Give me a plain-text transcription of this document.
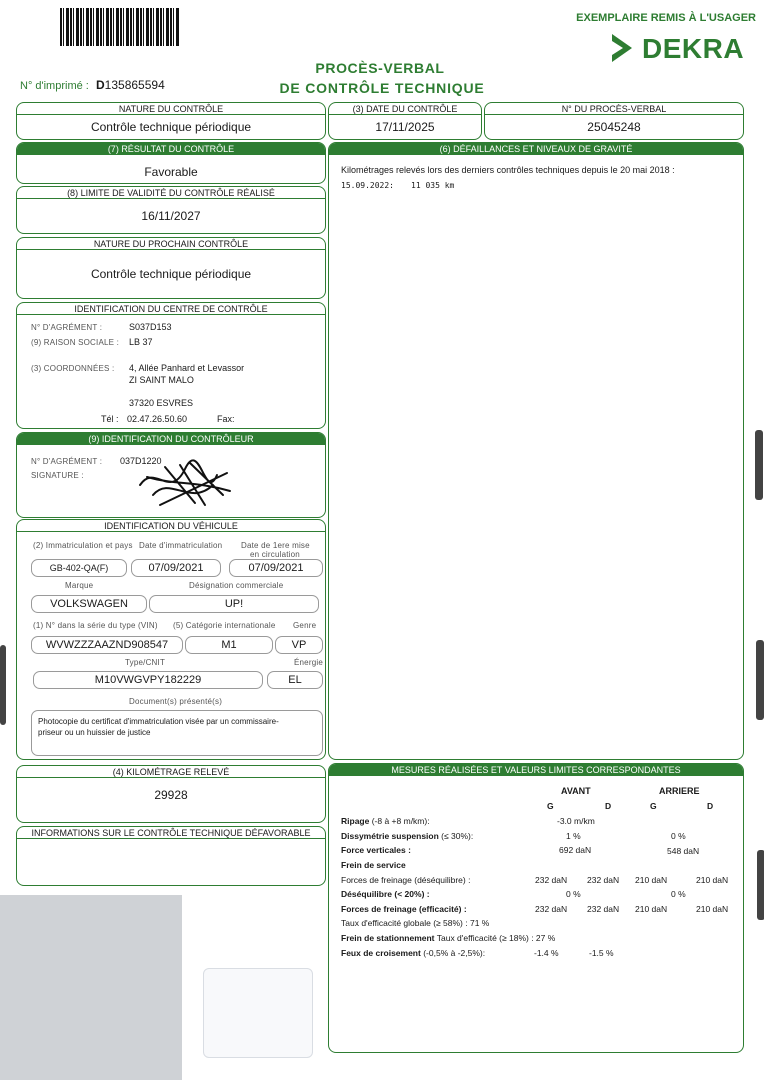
EXEMPLAIRE REMIS À L'USAGER
DEKRA
PROCÈS-VERBAL
DE CONTRÔLE TECHNIQUE
N° d'imprimé : D135865594
NATURE DU CONTRÔLE
Contrôle technique périodique
(3) DATE DU CONTRÔLE
17/11/2025
N° DU PROCÈS-VERBAL
25045248
(7) RÉSULTAT DU CONTRÔLE
Favorable
(8) LIMITE DE VALIDITÉ DU CONTRÔLE RÉALISÉ
16/11/2027
NATURE DU PROCHAIN CONTRÔLE
Contrôle technique périodique
IDENTIFICATION DU CENTRE DE CONTRÔLE
N° D'AGRÉMENT :	S037D153
(9) RAISON SOCIALE : LB 37
(3) COORDONNÉES : 4, Allée Panhard et Levassor
ZI SAINT MALO
37320 ESVRES
Tél : 02.47.26.50.60	Fax:
(9) IDENTIFICATION DU CONTRÔLEUR
N° D'AGRÉMENT : 037D1220
SIGNATURE :
IDENTIFICATION DU VÉHICULE
(2) Immatriculation et pays Date d'immatriculation Date de 1ere mise
en circulation
GB-402-QA(F)	07/09/2021	07/09/2021
Marque	Désignation commerciale
VOLKSWAGEN	UP!
(1) N° dans la série du type (VIN) (5) Catégorie internationale Genre
WVWZZZAAZND908547	M1	VP
Type/CNIT	Énergie
M10VWGVPY182229	EL
Document(s) présenté(s)
Photocopie du certificat d'immatriculation visée par un commissaire-
priseur ou un huissier de justice
(4) KILOMÉTRAGE RELEVÉ
29928
INFORMATIONS SUR LE CONTRÔLE TECHNIQUE DÉFAVORABLE
(6) DÉFAILLANCES ET NIVEAUX DE GRAVITÉ
Kilométrages relevés lors des derniers contrôles techniques depuis le 20 mai 2018 :
15.09.2022: 11 035 km
MESURES RÉALISÉES ET VALEURS LIMITES CORRESPONDANTES
AVANT	ARRIERE
G	D	G	D
Ripage (-8 à +8 m/km):	-3.0 m/km
Dissymétrie suspension (≤ 30%):	1 %	0 %
Force verticales :	692 daN	548 daN
Frein de service
Forces de freinage (déséquilibre) :	232 daN 232 daN 210 daN	210 daN
Déséquilibre (< 20%) :	0 %	0 %
Forces de freinage (efficacité) :	232 daN 232 daN 210 daN	210 daN
Taux d'efficacité globale (≥ 58%) : 71 %
Frein de stationnement Taux d'efficacité (≥ 18%) : 27 %
Feux de croisement (-0,5% à -2,5%):	-1.4 %	-1.5 %
